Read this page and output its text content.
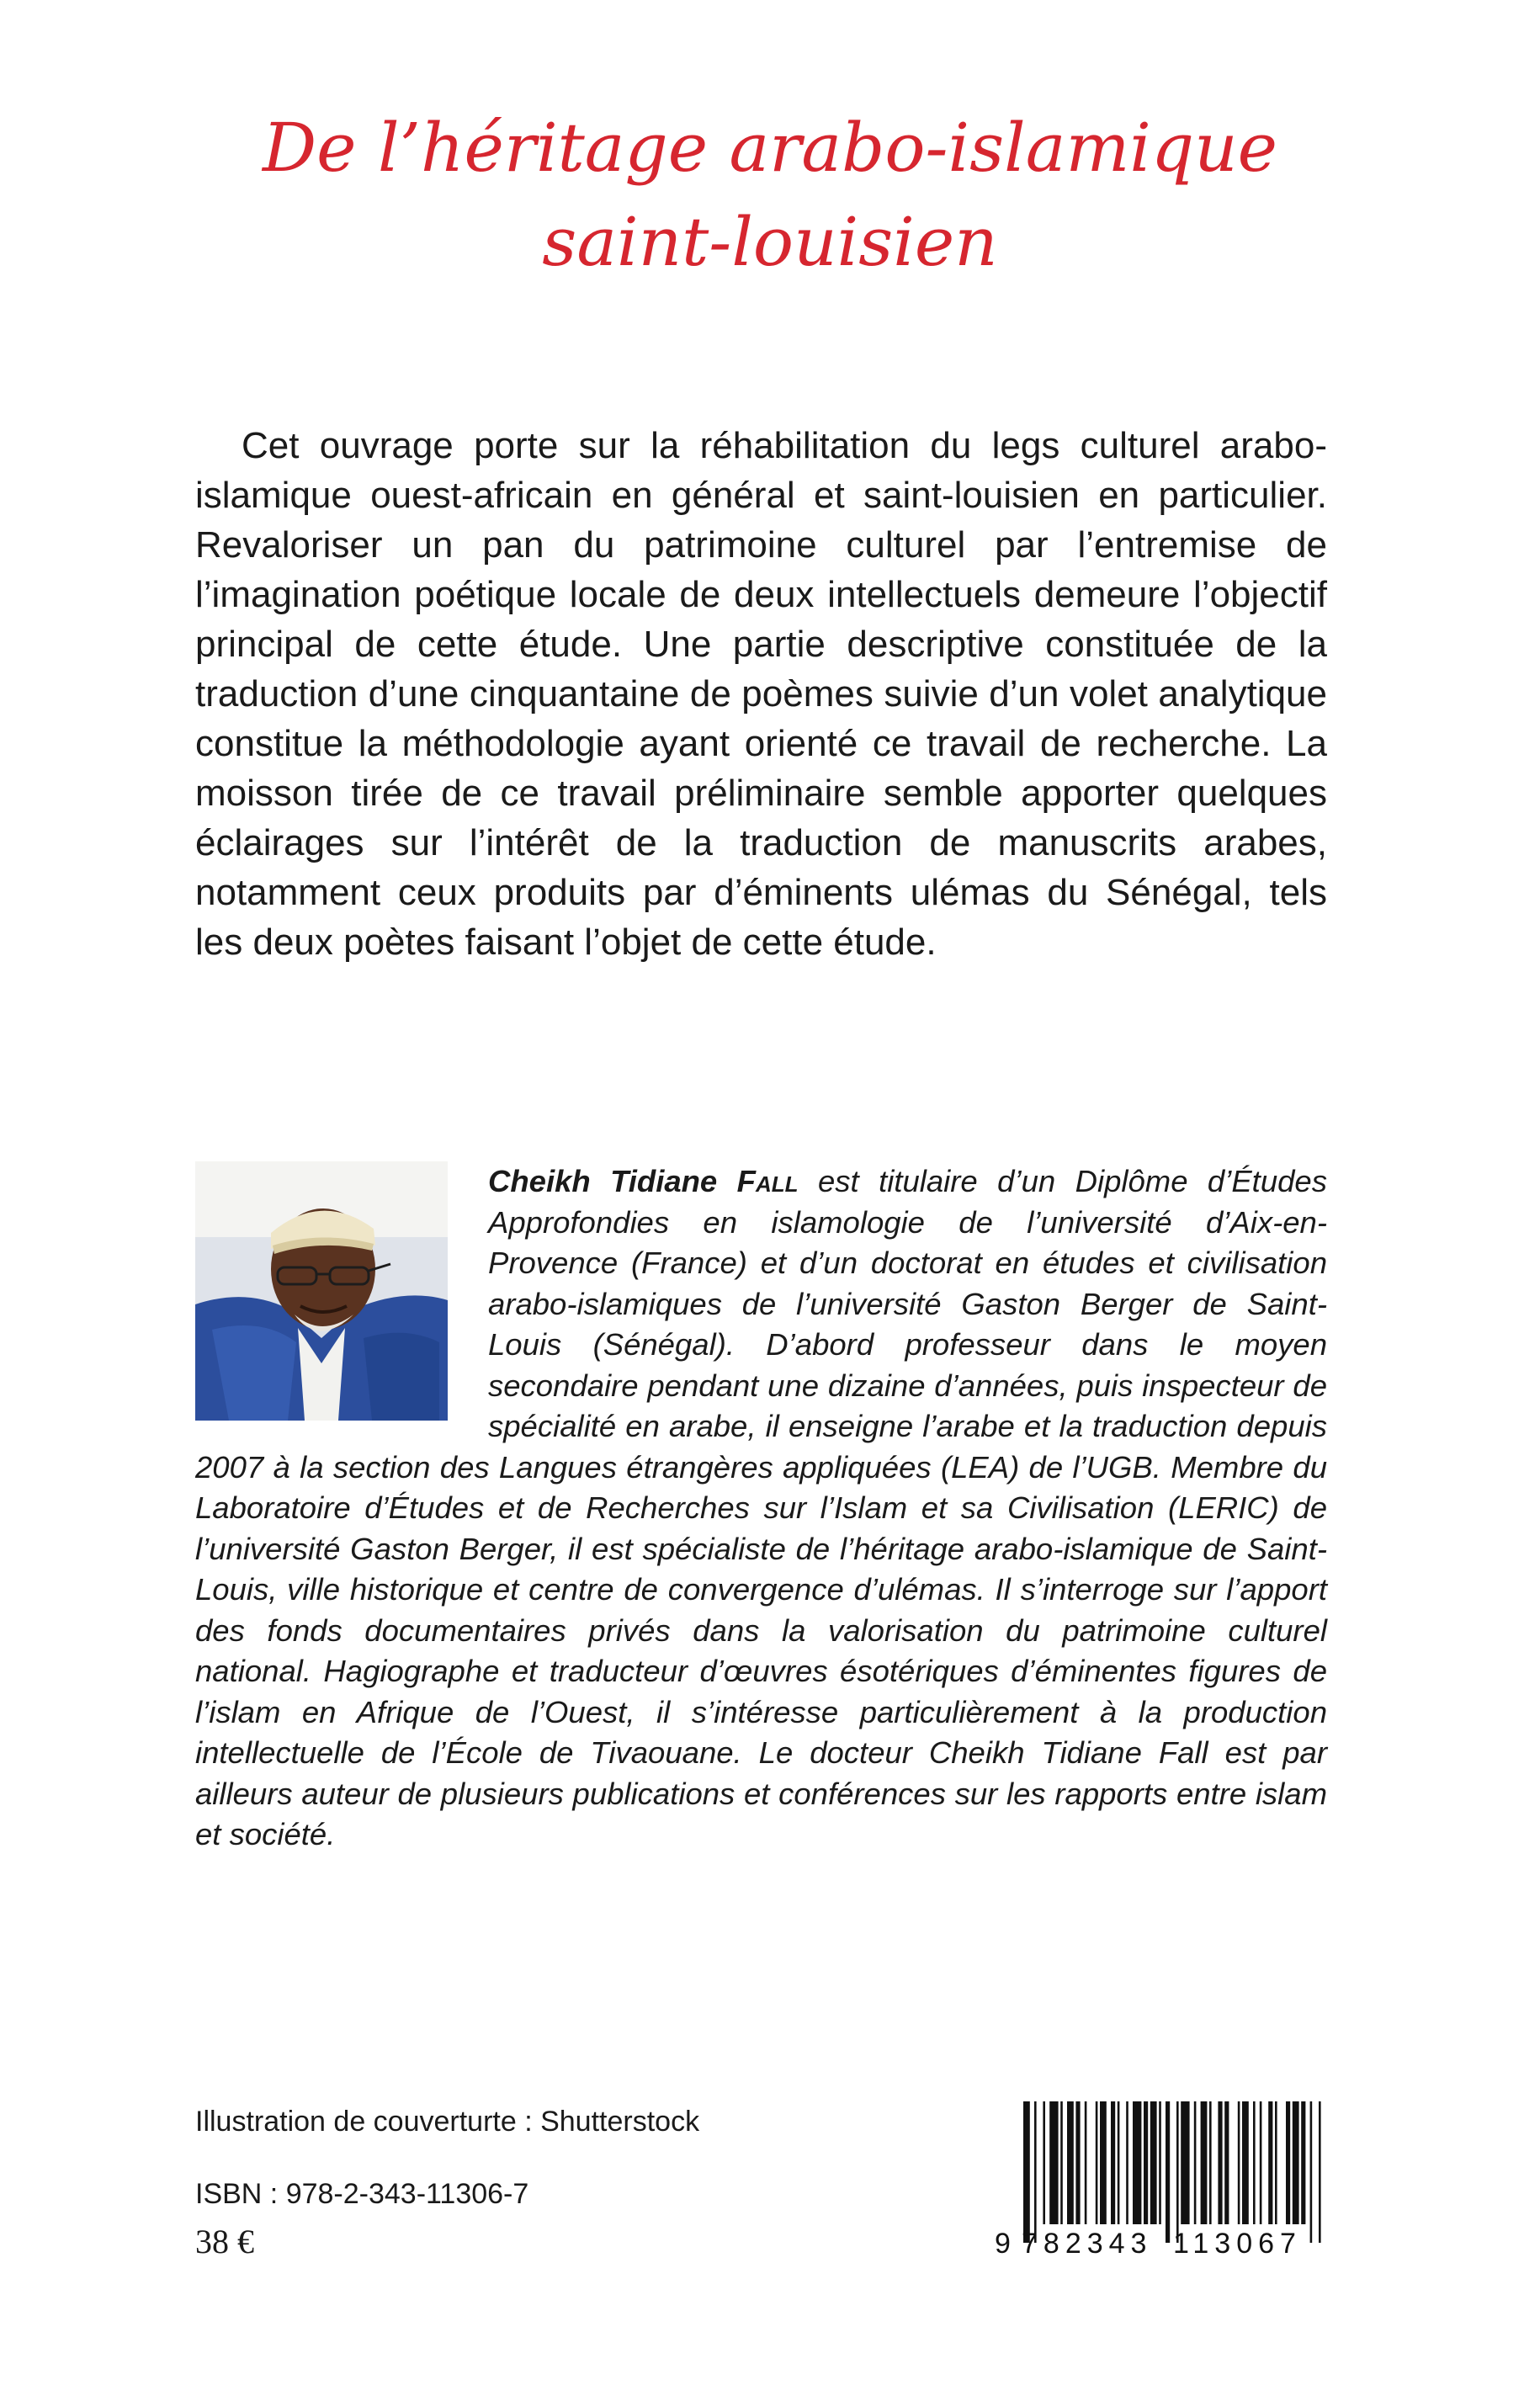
De l’héritage arabo-islamique
saint-louisien

Cet ouvrage porte sur la réhabilitation du legs culturel arabo-islamique ouest-africain en général et saint-louisien en particulier. Revaloriser un pan du patrimoine culturel par l’entremise de l’imagination poétique locale de deux intellectuels demeure l’objectif principal de cette étude. Une partie descriptive constituée de la traduction d’une cinquantaine de poèmes suivie d’un volet analytique constitue la méthodologie ayant orienté ce travail de recherche. La moisson tirée de ce travail préliminaire semble apporter quelques éclairages sur l’intérêt de la traduction de manuscrits arabes, notamment ceux produits par d’éminents ulémas du Sénégal, tels les deux poètes faisant l’objet de cette étude.

Cheikh Tidiane Fall est titulaire d’un Diplôme d’Études Approfondies en islamologie de l’université d’Aix-en-Provence (France) et d’un doctorat en études et civilisation arabo-islamiques de l’université Gaston Berger de Saint-Louis (Sénégal). D’abord professeur dans le moyen secondaire pendant une dizaine d’années, puis inspecteur de spécialité en arabe, il enseigne l’arabe et la traduction depuis 2007 à la section des Langues étrangères appliquées (LEA) de l’UGB. Membre du Laboratoire d’Études et de Recherches sur l’Islam et sa Civilisation (LERIC) de l’université Gaston Berger, il est spécialiste de l’héritage arabo-islamique de Saint-Louis, ville historique et centre de convergence d’ulémas. Il s’interroge sur l’apport des fonds documentaires privés dans la valorisation du patrimoine culturel national. Hagiographe et traducteur d’œuvres ésotériques d’éminentes figures de l’islam en Afrique de l’Ouest, il s’intéresse particulièrement à la production intellectuelle de l’École de Tivaouane. Le docteur Cheikh Tidiane Fall est par ailleurs auteur de plusieurs publications et conférences sur les rapports entre islam et société.

Illustration de couverturte : Shutterstock

ISBN : 978-2-343-11306-7

38 €	9 782343 113067
